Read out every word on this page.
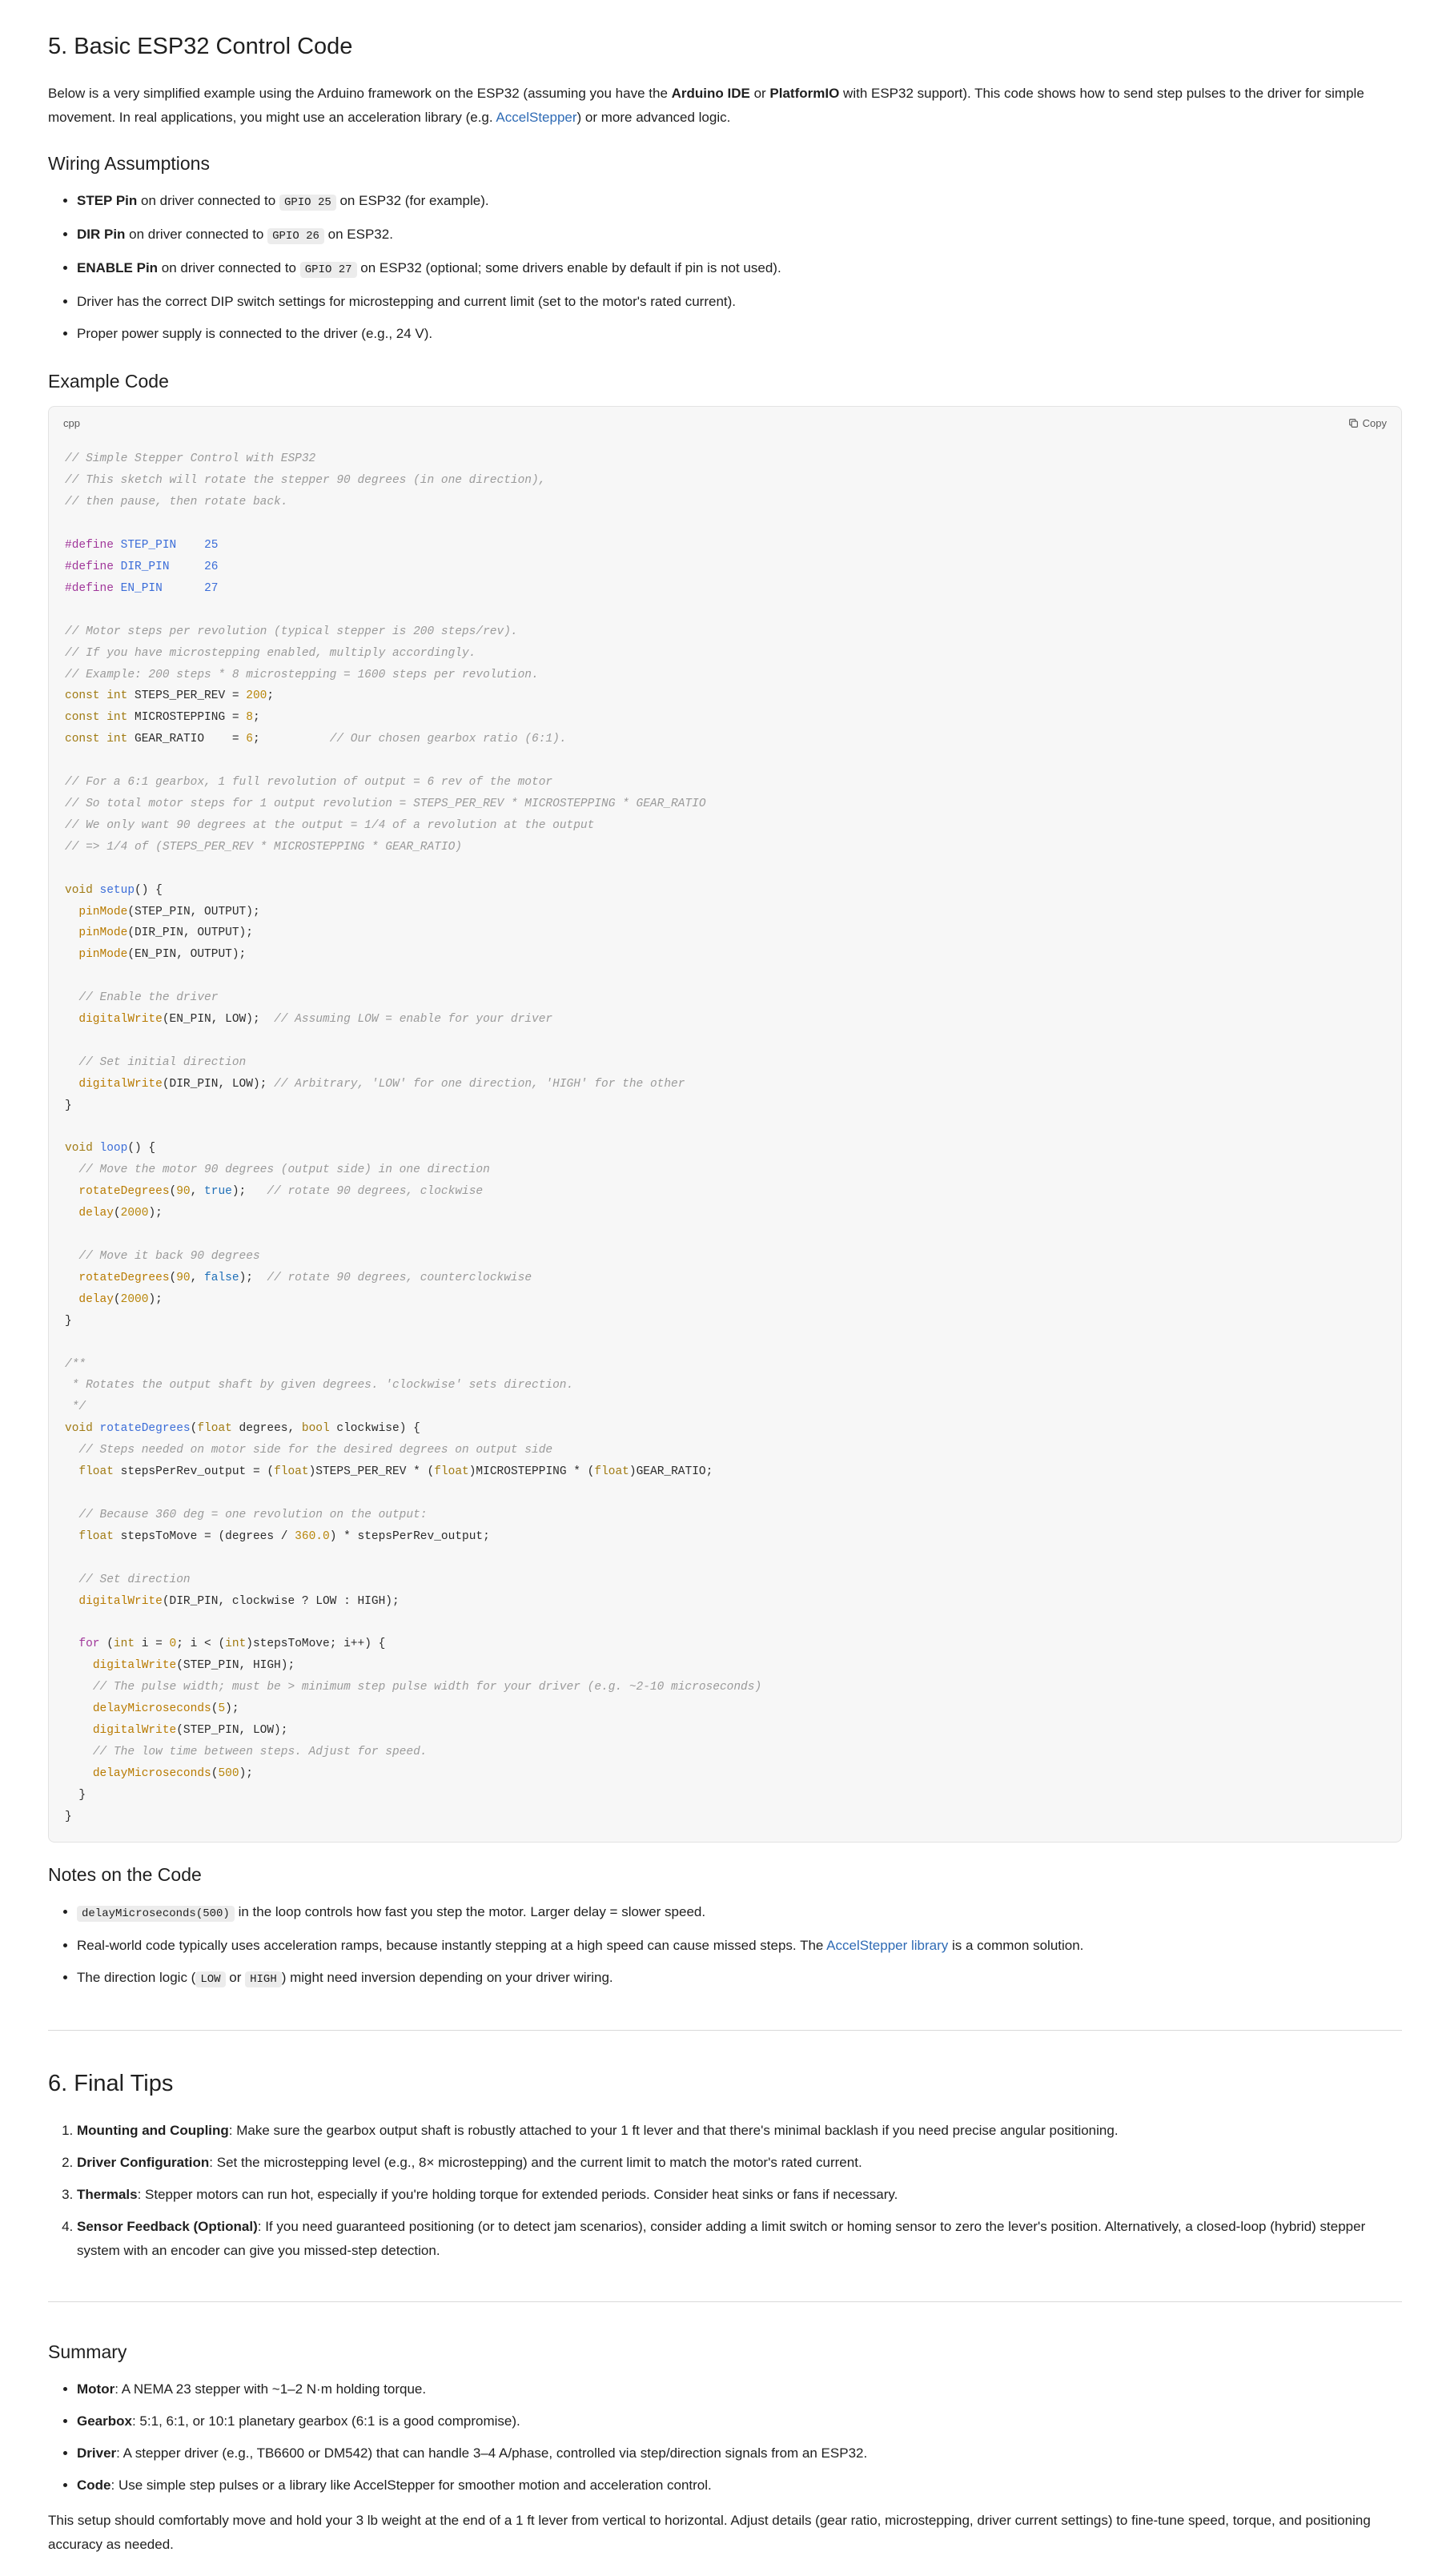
5. Basic ESP32 Control Code

Below is a very simplified example using the Arduino framework on the ESP32 (assuming you have the Arduino IDE or PlatformIO with ESP32 support). This code shows how to send step pulses to the driver for simple movement. In real applications, you might use an acceleration library (e.g. AccelStepper) or more advanced logic.

Wiring Assumptions
• STEP Pin on driver connected to GPIO 25 on ESP32 (for example).
• DIR Pin on driver connected to GPIO 26 on ESP32.
• ENABLE Pin on driver connected to GPIO 27 on ESP32 (optional; some drivers enable by default if pin is not used).
• Driver has the correct DIP switch settings for microstepping and current limit (set to the motor's rated current).
• Proper power supply is connected to the driver (e.g., 24 V).
Example Code
cpp	Copy
// Simple Stepper Control with ESP32
// This sketch will rotate the stepper 90 degrees (in one direction),
// then pause, then rotate back.

#define STEP_PIN 25
#define DIR_PIN	26
#define EN_PIN	27

// Motor steps per revolution (typical stepper is 200 steps/rev).
// If you have microstepping enabled, multiply accordingly.
// Example: 200 steps * 8 microstepping = 1600 steps per revolution.
const int STEPS_PER_REV = 200;
const int MICROSTEPPING = 8;
const int GEAR_RATIO    = 6;          // Our chosen gearbox ratio (6:1).

// For a 6:1 gearbox, 1 full revolution of output = 6 rev of the motor
// So total motor steps for 1 output revolution = STEPS_PER_REV * MICROSTEPPING * GEAR_RATIO
// We only want 90 degrees at the output = 1/4 of a revolution at the output
// => 1/4 of (STEPS_PER_REV * MICROSTEPPING * GEAR_RATIO)

void setup() {
pinMode(STEP_PIN, OUTPUT);
pinMode(DIR_PIN, OUTPUT);
pinMode(EN_PIN, OUTPUT);

// Enable the driver
digitalWrite(EN_PIN, LOW);  // Assuming LOW = enable for your driver

// Set initial direction
digitalWrite(DIR_PIN, LOW); // Arbitrary, 'LOW' for one direction, 'HIGH' for the other
}

void loop() {
// Move the motor 90 degrees (output side) in one direction
rotateDegrees(90, true);   // rotate 90 degrees, clockwise
delay(2000);

// Move it back 90 degrees
rotateDegrees(90, false);  // rotate 90 degrees, counterclockwise
delay(2000);
}

/**
* Rotates the output shaft by given degrees. 'clockwise' sets direction.
*/
void rotateDegrees(float degrees, bool clockwise) {
// Steps needed on motor side for the desired degrees on output side
float stepsPerRev_output = (float)STEPS_PER_REV * (float)MICROSTEPPING * (float)GEAR_RATIO;

// Because 360 deg = one revolution on the output:
float stepsToMove = (degrees / 360.0) * stepsPerRev_output;

// Set direction
digitalWrite(DIR_PIN, clockwise ? LOW : HIGH);

for (int i = 0; i < (int)stepsToMove; i++) {
digitalWrite(STEP_PIN, HIGH);
// The pulse width; must be > minimum step pulse width for your driver (e.g. ~2-10 microseconds)
delayMicroseconds(5);
digitalWrite(STEP_PIN, LOW);
// The low time between steps. Adjust for speed.
delayMicroseconds(500);
}
}
Notes on the Code
• delayMicroseconds(500) in the loop controls how fast you step the motor. Larger delay = slower speed.
• Real-world code typically uses acceleration ramps, because instantly stepping at a high speed can cause missed steps. The AccelStepper library is a common solution.
• The direction logic ( LOW or HIGH ) might need inversion depending on your driver wiring.
6. Final Tips
1. Mounting and Coupling: Make sure the gearbox output shaft is robustly attached to your 1 ft lever and that there's minimal backlash if you need precise angular positioning.
2. Driver Configuration: Set the microstepping level (e.g., 8× microstepping) and the current limit to match the motor's rated current.
3. Thermals: Stepper motors can run hot, especially if you're holding torque for extended periods. Consider heat sinks or fans if necessary.
4. Sensor Feedback (Optional): If you need guaranteed positioning (or to detect jam scenarios), consider adding a limit switch or homing sensor to zero the lever's position. Alternatively, a closed-loop (hybrid) stepper system with an encoder can give you missed-step detection.
Summary
• Motor: A NEMA 23 stepper with ~1–2 N·m holding torque.
• Gearbox: 5:1, 6:1, or 10:1 planetary gearbox (6:1 is a good compromise).
• Driver: A stepper driver (e.g., TB6600 or DM542) that can handle 3–4 A/phase, controlled via step/direction signals from an ESP32.
• Code: Use simple step pulses or a library like AccelStepper for smoother motion and acceleration control.

This setup should comfortably move and hold your 3 lb weight at the end of a 1 ft lever from vertical to horizontal. Adjust details (gear ratio, microstepping, driver current settings) to fine-tune speed, torque, and positioning accuracy as needed.
